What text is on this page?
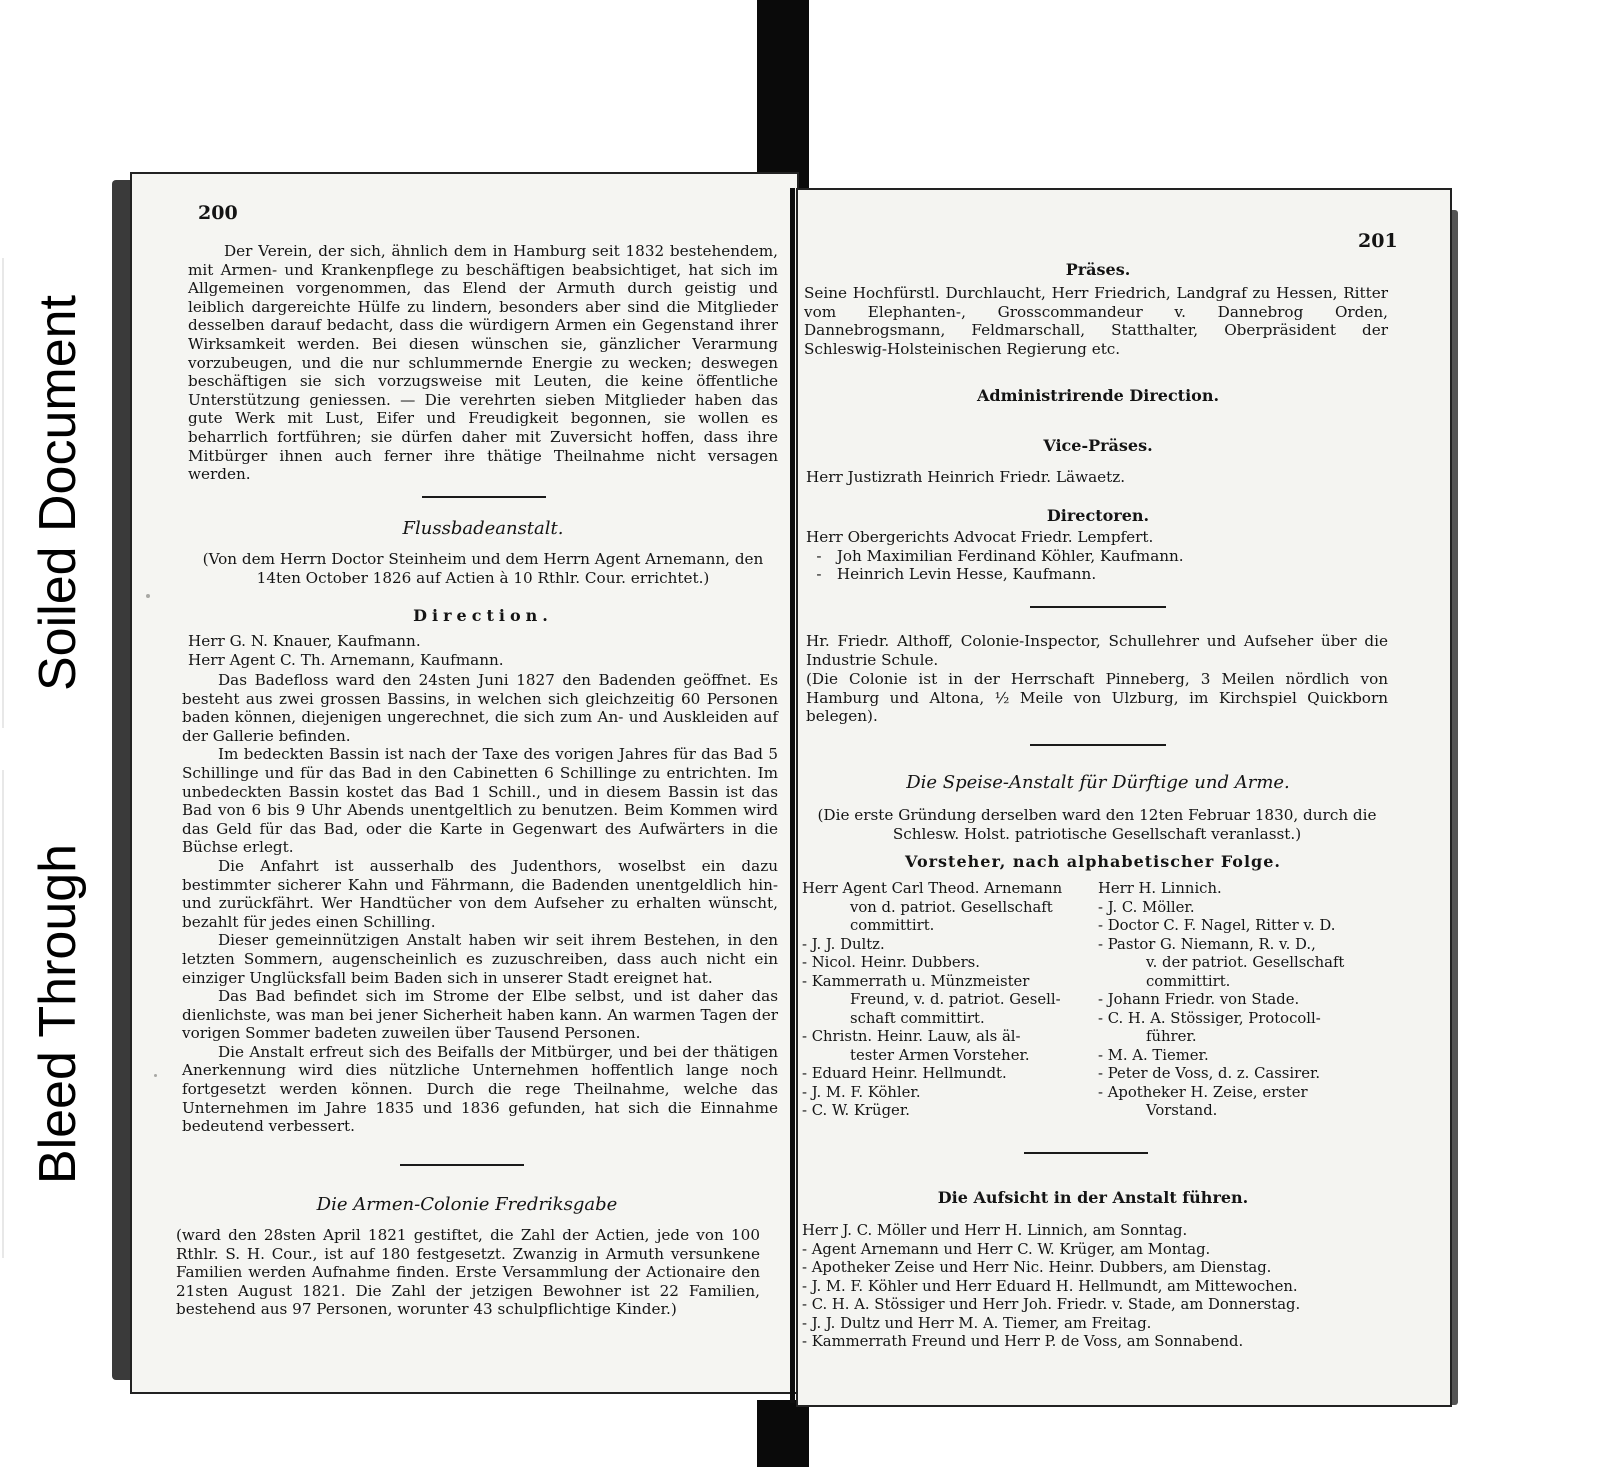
Soiled Document
Bleed Through
200

Der Verein, der sich, ähnlich dem in Hamburg seit 1832 bestehendem, mit Armen- und Krankenpflege zu beschäftigen beabsichtiget, hat sich im Allgemeinen vorgenommen, das Elend der Armuth durch geistig und leiblich dargereichte Hülfe zu lindern, besonders aber sind die Mitglieder desselben darauf bedacht, dass die würdigern Armen ein Gegenstand ihrer Wirksamkeit werden. Bei diesen wünschen sie, gänzlicher Verarmung vorzubeugen, und die nur schlummernde Energie zu wecken; deswegen beschäftigen sie sich vorzugsweise mit Leuten, die keine öffentliche Unterstützung geniessen. — Die verehrten sieben Mitglieder haben das gute Werk mit Lust, Eifer und Freudigkeit begonnen, sie wollen es beharrlich fortführen; sie dürfen daher mit Zuversicht hoffen, dass ihre Mitbürger ihnen auch ferner ihre thätige Theilnahme nicht versagen werden.

Flussbadeanstalt.
(Von dem Herrn Doctor Steinheim und dem Herrn Agent Arnemann, den 14ten October 1826 auf Actien à 10 Rthlr. Cour. errichtet.)
Direction.
Herr G. N. Knauer, Kaufmann.
Herr Agent C. Th. Arnemann, Kaufmann.

Das Badefloss ward den 24sten Juni 1827 den Badenden geöffnet. Es besteht aus zwei grossen Bassins, in welchen sich gleichzeitig 60 Personen baden können, diejenigen ungerechnet, die sich zum An- und Auskleiden auf der Gallerie befinden.

Im bedeckten Bassin ist nach der Taxe des vorigen Jahres für das Bad 5 Schillinge und für das Bad in den Cabinetten 6 Schillinge zu entrichten. Im unbedeckten Bassin kostet das Bad 1 Schill., und in diesem Bassin ist das Bad von 6 bis 9 Uhr Abends unentgeltlich zu benutzen. Beim Kommen wird das Geld für das Bad, oder die Karte in Gegenwart des Aufwärters in die Büchse erlegt.

Die Anfahrt ist ausserhalb des Judenthors, woselbst ein dazu bestimmter sicherer Kahn und Fährmann, die Badenden unentgeldlich hin- und zurückfährt. Wer Handtücher von dem Aufseher zu erhalten wünscht, bezahlt für jedes einen Schilling.

Dieser gemeinnützigen Anstalt haben wir seit ihrem Bestehen, in den letzten Sommern, augenscheinlich es zuzuschreiben, dass auch nicht ein einziger Unglücksfall beim Baden sich in unserer Stadt ereignet hat.

Das Bad befindet sich im Strome der Elbe selbst, und ist daher das dienlichste, was man bei jener Sicherheit haben kann. An warmen Tagen der vorigen Sommer badeten zuweilen über Tausend Personen.

Die Anstalt erfreut sich des Beifalls der Mitbürger, und bei der thätigen Anerkennung wird dies nützliche Unternehmen hoffentlich lange noch fortgesetzt werden können. Durch die rege Theilnahme, welche das Unternehmen im Jahre 1835 und 1836 gefunden, hat sich die Einnahme bedeutend verbessert.

Die Armen-Colonie Fredriksgabe

(ward den 28sten April 1821 gestiftet, die Zahl der Actien, jede von 100 Rthlr. S. H. Cour., ist auf 180 festgesetzt. Zwanzig in Armuth versunkene Familien werden Aufnahme finden. Erste Versammlung der Actionaire den 21sten August 1821. Die Zahl der jetzigen Bewohner ist 22 Familien, bestehend aus 97 Personen, worunter 43 schulpflichtige Kinder.)

201
Präses.
Seine Hochfürstl. Durchlaucht, Herr Friedrich, Landgraf zu Hessen, Ritter vom Elephanten-, Grosscommandeur v. Dannebrog Orden, Dannebrogsmann, Feldmarschall, Statthalter, Oberpräsident der Schleswig-Holsteinischen Regierung etc.
Administrirende Direction.
Vice-Präses.
Herr Justizrath Heinrich Friedr. Läwaetz.
Directoren.
Herr Obergerichts Advocat Friedr. Lempfert.
- Joh Maximilian Ferdinand Köhler, Kaufmann.
- Heinrich Levin Hesse, Kaufmann.
Hr. Friedr. Althoff, Colonie-Inspector, Schullehrer und Aufseher über die Industrie Schule.
(Die Colonie ist in der Herrschaft Pinneberg, 3 Meilen nördlich von Hamburg und Altona, ½ Meile von Ulzburg, im Kirchspiel Quickborn belegen).
Die Speise-Anstalt für Dürftige und Arme.
(Die erste Gründung derselben ward den 12ten Februar 1830, durch die Schlesw. Holst. patriotische Gesellschaft veranlasst.)
Vorsteher, nach alphabetischer Folge.
Herr Agent Carl Theod. Arnemann
von d. patriot. Gesellschaft
committirt.
- J. J. Dultz.
- Nicol. Heinr. Dubbers.
- Kammerrath u. Münzmeister
Freund, v. d. patriot. Gesell-
schaft committirt.
- Christn. Heinr. Lauw, als äl-
tester Armen Vorsteher.
- Eduard Heinr. Hellmundt.
- J. M. F. Köhler.
- C. W. Krüger.
Herr H. Linnich.
- J. C. Möller.
- Doctor C. F. Nagel, Ritter v. D.
- Pastor G. Niemann, R. v. D.,
v. der patriot. Gesellschaft
committirt.
- Johann Friedr. von Stade.
- C. H. A. Stössiger, Protocoll-
führer.
- M. A. Tiemer.
- Peter de Voss, d. z. Cassirer.
- Apotheker H. Zeise, erster
Vorstand.
Die Aufsicht in der Anstalt führen.
Herr J. C. Möller und Herr H. Linnich, am Sonntag.
- Agent Arnemann und Herr C. W. Krüger, am Montag.
- Apotheker Zeise und Herr Nic. Heinr. Dubbers, am Dienstag.
- J. M. F. Köhler und Herr Eduard H. Hellmundt, am Mittewochen.
- C. H. A. Stössiger und Herr Joh. Friedr. v. Stade, am Donnerstag.
- J. J. Dultz und Herr M. A. Tiemer, am Freitag.
- Kammerrath Freund und Herr P. de Voss, am Sonnabend.
